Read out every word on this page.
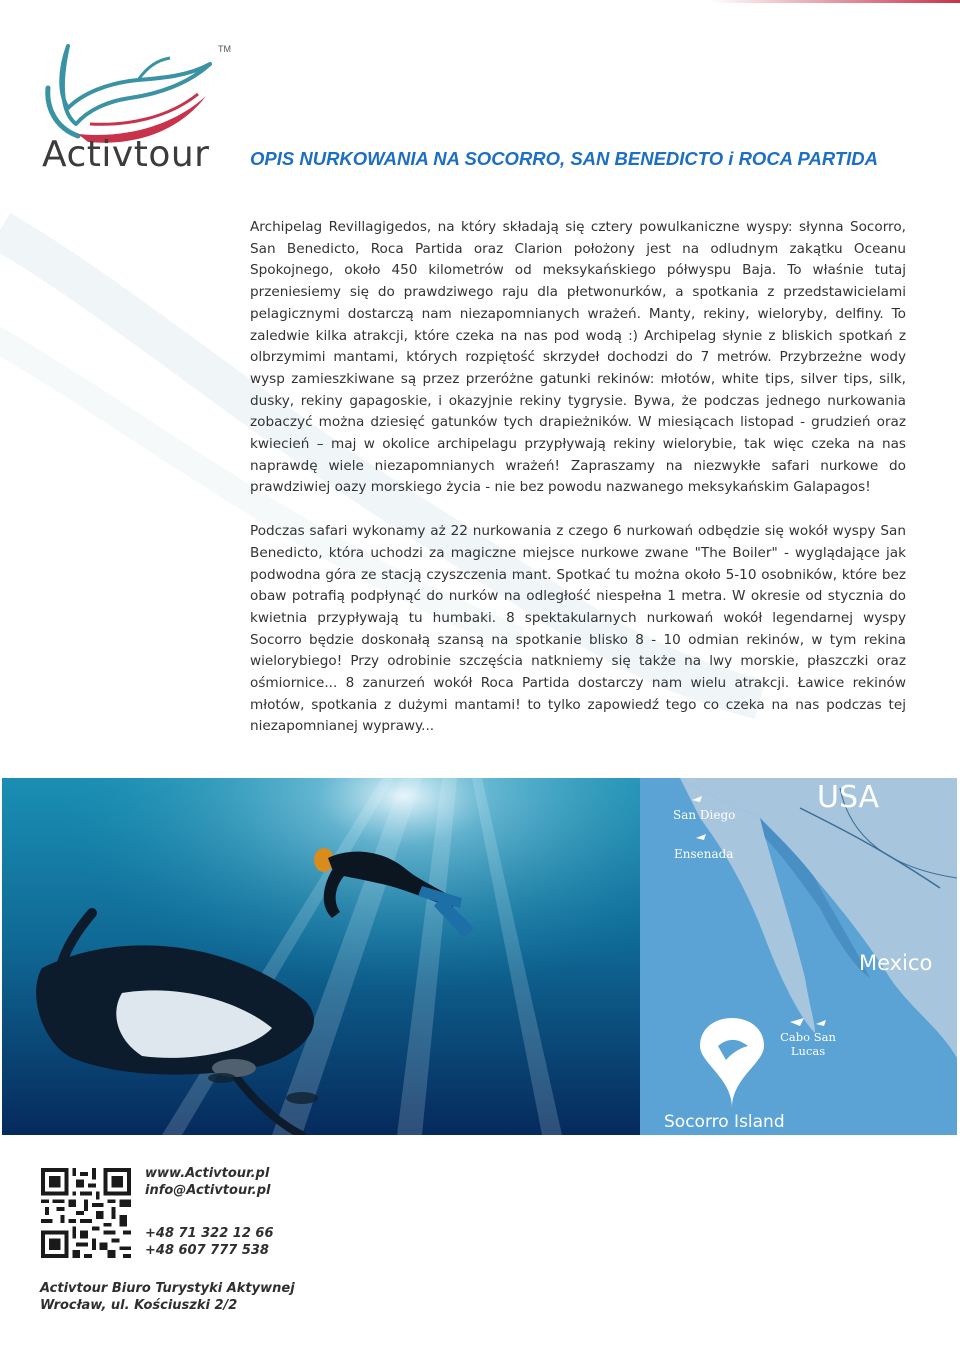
TM
Activtour OPIS NURKOWANIA NA SOCORRO, SAN BENEDICTO i ROCA PARTIDA

Archipelag Revillagigedos, na który składają się cztery powulkaniczne wyspy: słynna Socorro, San Benedicto, Roca Partida oraz Clarion położony jest na odludnym zakątku Oceanu Spokojnego, około 450 kilometrów od meksykańskiego półwyspu Baja. To właśnie tutaj przeniesiemy się do prawdziwego raju dla płetwonurków, a spotkania z przedstawicielami pelagicznymi dostarczą nam niezapomnianych wrażeń. Manty, rekiny, wieloryby, delfiny. To zaledwie kilka atrakcji, które czeka na nas pod wodą :) Archipelag słynie z bliskich spotkań z olbrzymimi mantami, których rozpiętość skrzydeł dochodzi do 7 metrów. Przybrzeżne wody wysp zamieszkiwane są przez przeróżne gatunki rekinów: młotów, white tips, silver tips, silk, dusky, rekiny gapagoskie, i okazyjnie rekiny tygrysie. Bywa, że podczas jednego nurkowania zobaczyć można dziesięć gatunków tych drapieżników. W miesiącach listopad - grudzień oraz kwiecień – maj w okolice archipelagu przypływają rekiny wielorybie, tak więc czeka na nas naprawdę wiele niezapomnianych wrażeń! Zapraszamy na niezwykłe safari nurkowe do prawdziwiej oazy morskiego życia - nie bez powodu nazwanego meksykańskim Galapagos!

Podczas safari wykonamy aż 22 nurkowania z czego 6 nurkowań odbędzie się wokół wyspy San Benedicto, która uchodzi za magiczne miejsce nurkowe zwane "The Boiler" - wyglądające jak podwodna góra ze stacją czyszczenia mant. Spotkać tu można około 5-10 osobników, które bez obaw potrafią podpłynąć do nurków na odległość niespełna 1 metra. W okresie od stycznia do kwietnia przypływają tu humbaki. 8 spektakularnych nurkowań wokół legendarnej wyspy Socorro będzie doskonałą szansą na spotkanie blisko 8 - 10 odmian rekinów, w tym rekina wielorybiego! Przy odrobinie szczęścia natkniemy się także na lwy morskie, płaszczki oraz ośmiornice... 8 zanurzeń wokół Roca Partida dostarczy nam wielu atrakcji. Ławice rekinów młotów, spotkania z dużymi mantami! to tylko zapowiedź tego co czeka na nas podczas tej niezapomnianej wyprawy...

USA
San Diego
Ensenada
Mexico
Cabo San Lucas
Socorro Island
www.Activtour.pl
info@Activtour.pl
+48 71 322 12 66
+48 607 777 538
Activtour Biuro Turystyki Aktywnej
Wrocław, ul. Kościuszki 2/2
